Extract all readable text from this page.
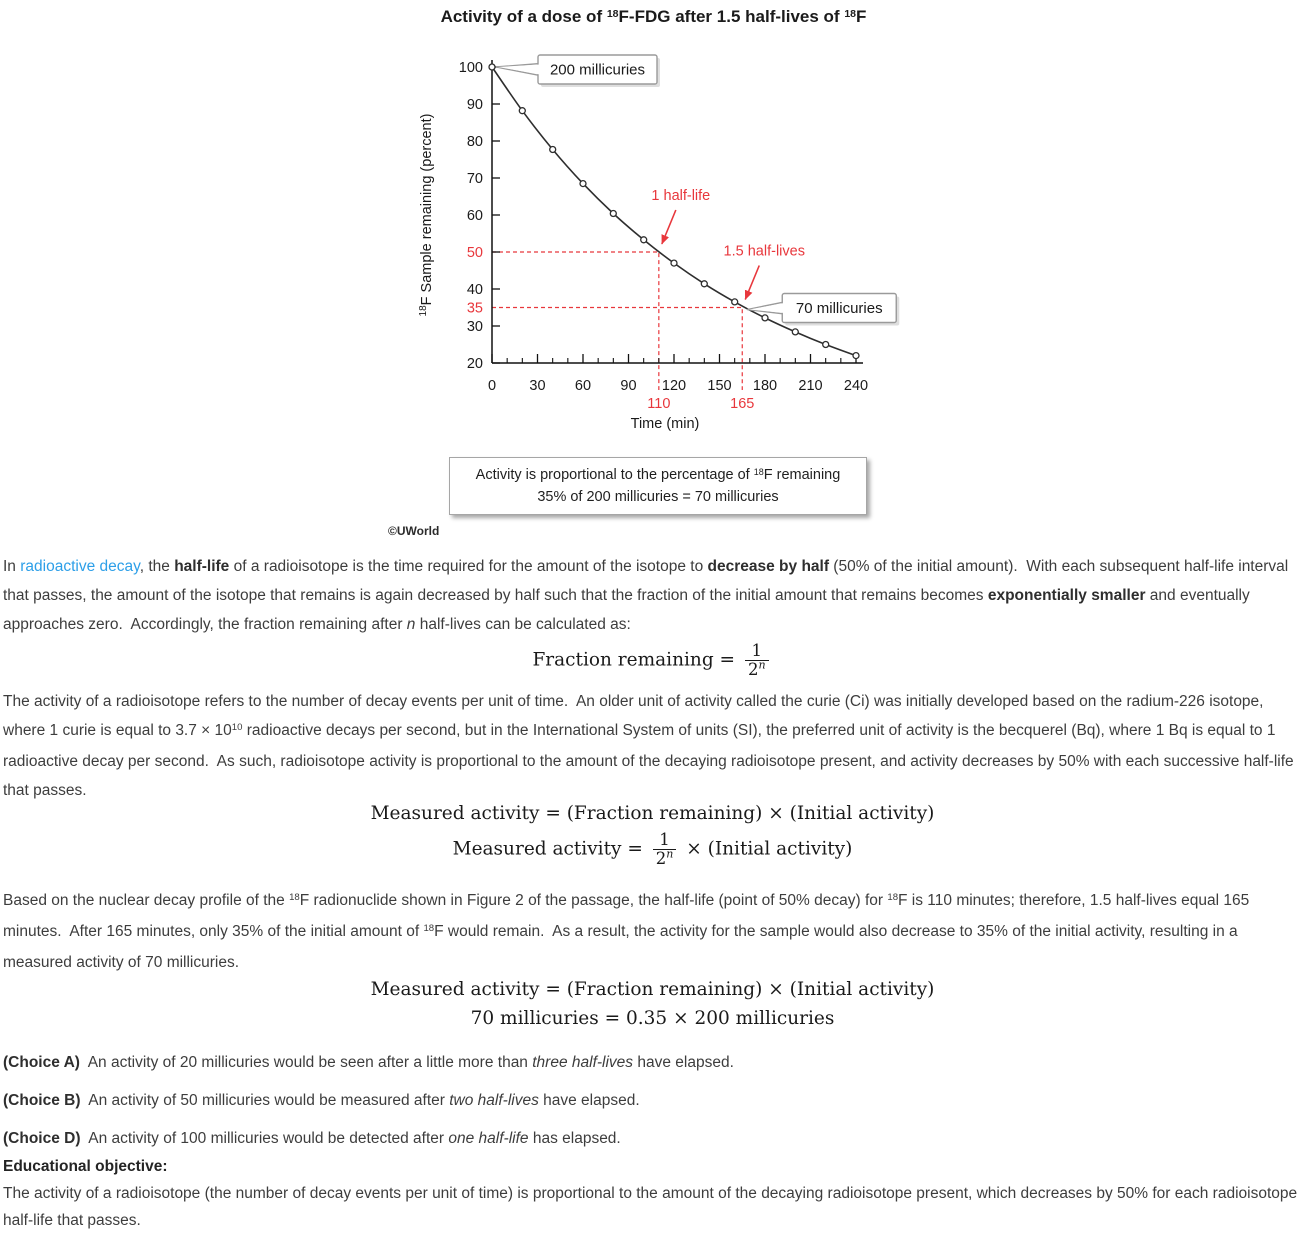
Activity of a dose of $^{18}$F-FDG after 1.5 half-lives of $^{18}$F
0 30 60 90 120 150 180 210 240
100
90
80
70
60
50
40
35
30
20
110	165
Time (min)
$^{18}$F Sample remaining (percent)	1 half-life
1.5 half-lives
200 millicuries
70 millicuries
Activity is proportional to the percentage of $^{18}$F remaining
35% of 200 millicuries = 70 millicuries
©UWorld

In radioactive decay, the half-life of a radioisotope is the time required for the amount of the isotope to decrease by half (50% of the initial amount).  With each subsequent half-life interval that passes, the amount of the isotope that remains is again decreased by half such that the fraction of the initial amount that remains becomes exponentially smaller and eventually approaches zero.  Accordingly, the fraction remaining after n half-lives can be calculated as:

Fraction remaining = $\frac{1}{2^n}$

The activity of a radioisotope refers to the number of decay events per unit of time.  An older unit of activity called the curie (Ci) was initially developed based on the radium-226 isotope, where 1 curie is equal to $3.7 \times 10^{10}$ radioactive decays per second, but in the International System of units (SI), the preferred unit of activity is the becquerel (Bq), where 1 Bq is equal to 1 radioactive decay per second.  As such, radioisotope activity is proportional to the amount of the decaying radioisotope present, and activity decreases by 50% with each successive half-life that passes.

Measured activity = (Fraction remaining) × (Initial activity)
Measured activity = $\frac{1}{2^n}$ × (Initial activity)

Based on the nuclear decay profile of the $^{18}$F radionuclide shown in Figure 2 of the passage, the half-life (point of 50% decay) for $^{18}$F is 110 minutes; therefore, 1.5 half-lives equal 165 minutes.  After 165 minutes, only 35% of the initial amount of $^{18}$F would remain.  As a result, the activity for the sample would also decrease to 35% of the initial activity, resulting in a measured activity of 70 millicuries.

Measured activity = (Fraction remaining) × (Initial activity)
70 millicuries = 0.35 × 200 millicuries

(Choice A)  An activity of 20 millicuries would be seen after a little more than three half-lives have elapsed.

(Choice B)  An activity of 50 millicuries would be measured after two half-lives have elapsed.

(Choice D)  An activity of 100 millicuries would be detected after one half-life has elapsed.

Educational objective:

The activity of a radioisotope (the number of decay events per unit of time) is proportional to the amount of the decaying radioisotope present, which decreases by 50% for each radioisotope half-life that passes.
